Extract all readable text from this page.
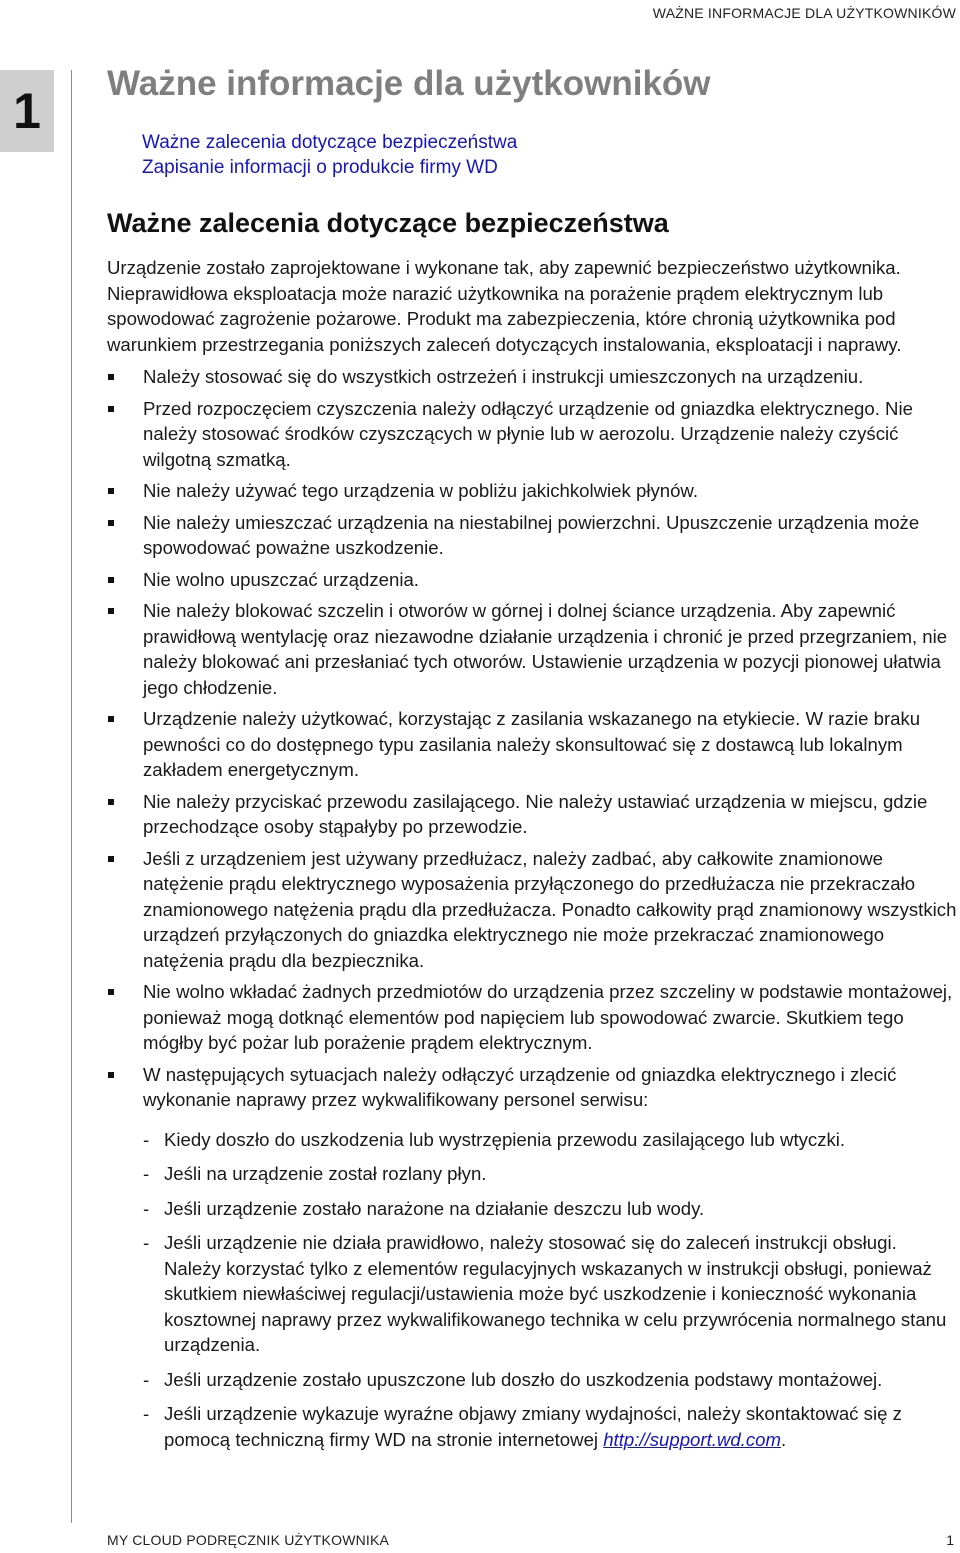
WAŻNE INFORMACJE DLA UŻYTKOWNIKÓW
1	Ważne informacje dla użytkowników
Ważne zalecenia dotyczące bezpieczeństwa
Zapisanie informacji o produkcie firmy WD
Ważne zalecenia dotyczące bezpieczeństwa

Urządzenie zostało zaprojektowane i wykonane tak, aby zapewnić bezpieczeństwo użytkownika. Nieprawidłowa eksploatacja może narazić użytkownika na porażenie prądem elektrycznym lub spowodować zagrożenie pożarowe. Produkt ma zabezpieczenia, które chronią użytkownika pod warunkiem przestrzegania poniższych zaleceń dotyczących instalowania, eksploatacji i naprawy.

Należy stosować się do wszystkich ostrzeżeń i instrukcji umieszczonych na urządzeniu.
Przed rozpoczęciem czyszczenia należy odłączyć urządzenie od gniazdka elektrycznego. Nie należy stosować środków czyszczących w płynie lub w aerozolu. Urządzenie należy czyścić wilgotną szmatką.
Nie należy używać tego urządzenia w pobliżu jakichkolwiek płynów.
Nie należy umieszczać urządzenia na niestabilnej powierzchni. Upuszczenie urządzenia może spowodować poważne uszkodzenie.
Nie wolno upuszczać urządzenia.
Nie należy blokować szczelin i otworów w górnej i dolnej ściance urządzenia. Aby zapewnić prawidłową wentylację oraz niezawodne działanie urządzenia i chronić je przed przegrzaniem, nie należy blokować ani przesłaniać tych otworów. Ustawienie urządzenia w pozycji pionowej ułatwia jego chłodzenie.
Urządzenie należy użytkować, korzystając z zasilania wskazanego na etykiecie. W razie braku pewności co do dostępnego typu zasilania należy skonsultować się z dostawcą lub lokalnym zakładem energetycznym.
Nie należy przyciskać przewodu zasilającego. Nie należy ustawiać urządzenia w miejscu, gdzie przechodzące osoby stąpałyby po przewodzie.
Jeśli z urządzeniem jest używany przedłużacz, należy zadbać, aby całkowite znamionowe natężenie prądu elektrycznego wyposażenia przyłączonego do przedłużacza nie przekraczało znamionowego natężenia prądu dla przedłużacza. Ponadto całkowity prąd znamionowy wszystkich urządzeń przyłączonych do gniazdka elektrycznego nie może przekraczać znamionowego natężenia prądu dla bezpiecznika.
Nie wolno wkładać żadnych przedmiotów do urządzenia przez szczeliny w podstawie montażowej, ponieważ mogą dotknąć elementów pod napięciem lub spowodować zwarcie. Skutkiem tego mógłby być pożar lub porażenie prądem elektrycznym.
W następujących sytuacjach należy odłączyć urządzenie od gniazdka elektrycznego i zlecić wykonanie naprawy przez wykwalifikowany personel serwisu:
- Kiedy doszło do uszkodzenia lub wystrzępienia przewodu zasilającego lub wtyczki.
- Jeśli na urządzenie został rozlany płyn.
- Jeśli urządzenie zostało narażone na działanie deszczu lub wody.
- Jeśli urządzenie nie działa prawidłowo, należy stosować się do zaleceń instrukcji obsługi. Należy korzystać tylko z elementów regulacyjnych wskazanych w instrukcji obsługi, ponieważ skutkiem niewłaściwej regulacji/ustawienia może być uszkodzenie i konieczność wykonania kosztownej naprawy przez wykwalifikowanego technika w celu przywrócenia normalnego stanu urządzenia.
- Jeśli urządzenie zostało upuszczone lub doszło do uszkodzenia podstawy montażowej.
- Jeśli urządzenie wykazuje wyraźne objawy zmiany wydajności, należy skontaktować się z pomocą techniczną firmy WD na stronie internetowej http://support.wd.com.
MY CLOUD PODRĘCZNIK UŻYTKOWNIKA	1
